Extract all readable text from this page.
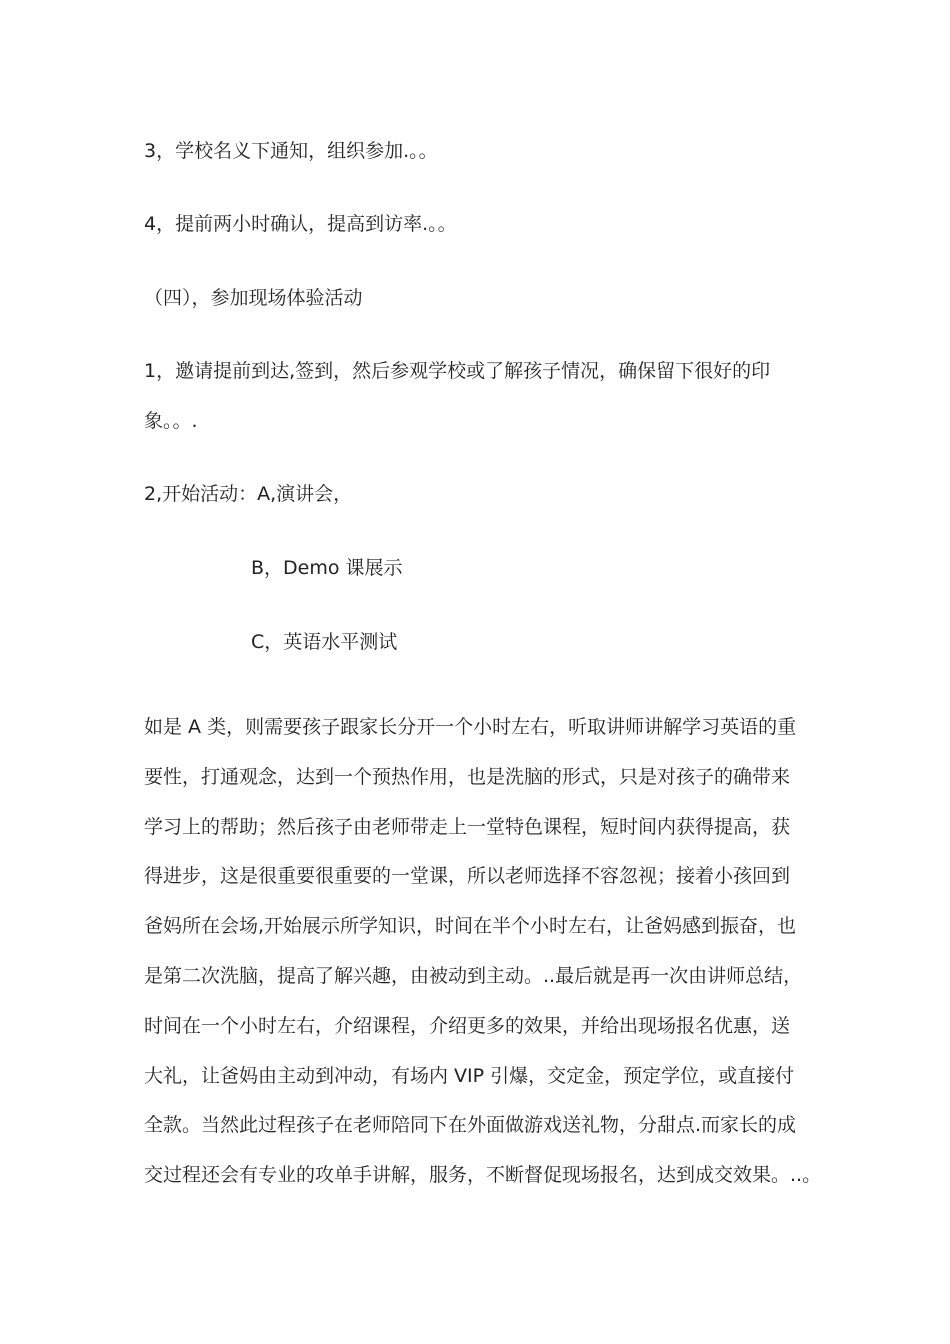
3，学校名义下通知，组织参加.。。
4，提前两小时确认，提高到访率.。。
（四），参加现场体验活动
1，邀请提前到达,签到，然后参观学校或了解孩子情况，确保留下很好的印
象。。.
2,开始活动：A,演讲会，
B，Demo 课展示
C，英语水平测试
如是 A 类，则需要孩子跟家长分开一个小时左右，听取讲师讲解学习英语的重
要性，打通观念，达到一个预热作用，也是洗脑的形式，只是对孩子的确带来
学习上的帮助；然后孩子由老师带走上一堂特色课程，短时间内获得提高，获
得进步，这是很重要很重要的一堂课，所以老师选择不容忽视；接着小孩回到
爸妈所在会场,开始展示所学知识，时间在半个小时左右，让爸妈感到振奋，也
是第二次洗脑，提高了解兴趣，由被动到主动。..最后就是再一次由讲师总结，
时间在一个小时左右，介绍课程，介绍更多的效果，并给出现场报名优惠，送
大礼，让爸妈由主动到冲动，有场内 VIP 引爆，交定金，预定学位，或直接付
全款。当然此过程孩子在老师陪同下在外面做游戏送礼物，分甜点.而家长的成
交过程还会有专业的攻单手讲解，服务，不断督促现场报名，达到成交效果。..。
